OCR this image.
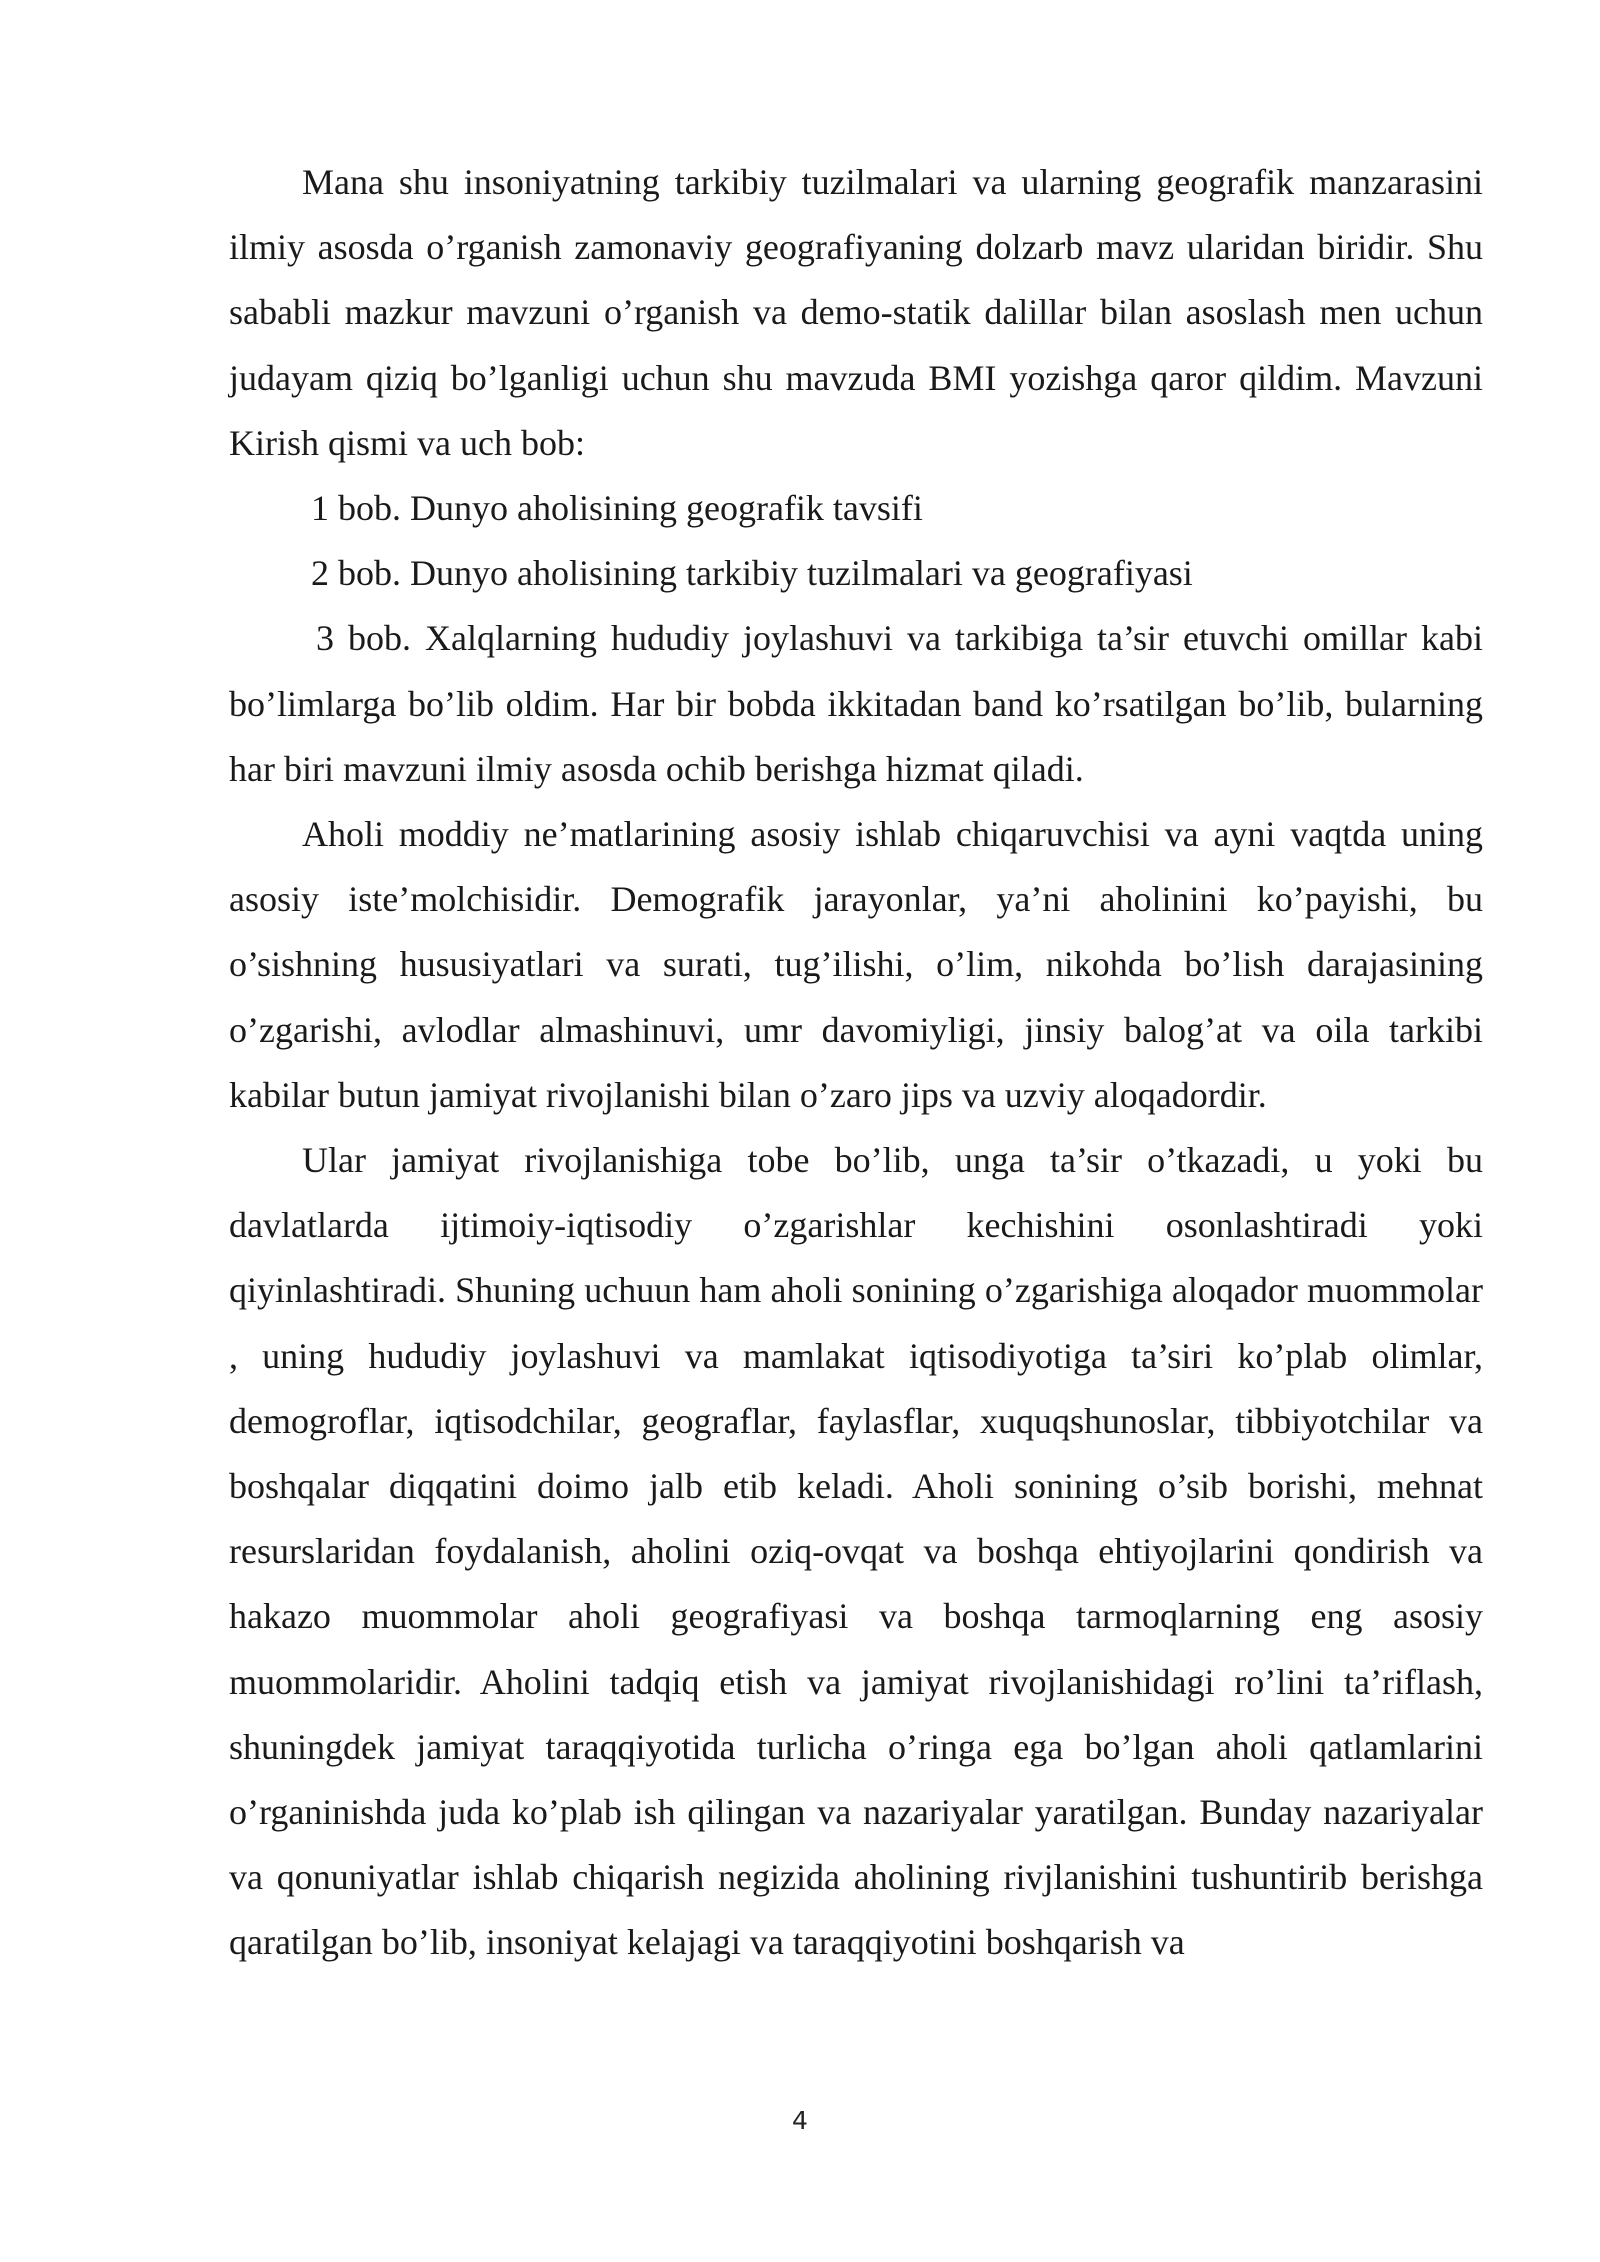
Mana shu insoniyatning tarkibiy tuzilmalari va ularning geografik manzarasini ilmiy asosda o’rganish zamonaviy geografiyaning dolzarb mavz ularidan biridir. Shu sababli mazkur mavzuni o’rganish va demo-statik dalillar bilan asoslash men uchun judayam qiziq bo’lganligi uchun shu mavzuda BMI yozishga qaror qildim. Mavzuni Kirish qismi va uch bob:

1 bob. Dunyo aholisining geografik tavsifi

2 bob. Dunyo aholisining tarkibiy tuzilmalari va geografiyasi

3 bob. Xalqlarning hududiy joylashuvi va tarkibiga ta’sir etuvchi omillar kabi bo’limlarga bo’lib oldim. Har bir bobda ikkitadan band ko’rsatilgan bo’lib, bularning har biri mavzuni ilmiy asosda ochib berishga hizmat qiladi.

Aholi moddiy ne’matlarining asosiy ishlab chiqaruvchisi va ayni vaqtda uning asosiy iste’molchisidir. Demografik jarayonlar, ya’ni aholinini ko’payishi, bu o’sishning hususiyatlari va surati, tug’ilishi, o’lim, nikohda bo’lish darajasining o’zgarishi, avlodlar almashinuvi, umr davomiyligi, jinsiy balog’at va oila tarkibi kabilar butun jamiyat rivojlanishi bilan o’zaro jips va uzviy aloqadordir.

Ular jamiyat rivojlanishiga tobe bo’lib, unga ta’sir o’tkazadi, u yoki bu davlatlarda ijtimoiy-iqtisodiy o’zgarishlar kechishini osonlashtiradi yoki qiyinlashtiradi. Shuning uchuun ham aholi sonining o’zgarishiga aloqador muommolar , uning hududiy joylashuvi va mamlakat iqtisodiyotiga ta’siri ko’plab olimlar, demogroflar, iqtisodchilar, geograflar, faylasflar, xuquqshunoslar, tibbiyotchilar va boshqalar diqqatini doimo jalb etib keladi. Aholi sonining o’sib borishi, mehnat resurslaridan foydalanish, aholini oziq-ovqat va boshqa ehtiyojlarini qondirish va hakazo muommolar aholi geografiyasi va boshqa tarmoqlarning eng asosiy muommolaridir. Aholini tadqiq etish va jamiyat rivojlanishidagi ro’lini ta’riflash, shuningdek jamiyat taraqqiyotida turlicha o’ringa ega bo’lgan aholi qatlamlarini o’rganinishda juda ko’plab ish qilingan va nazariyalar yaratilgan. Bunday nazariyalar va qonuniyatlar ishlab chiqarish negizida aholining rivjlanishini tushuntirib berishga qaratilgan bo’lib, insoniyat kelajagi va taraqqiyotini boshqarish va

4
